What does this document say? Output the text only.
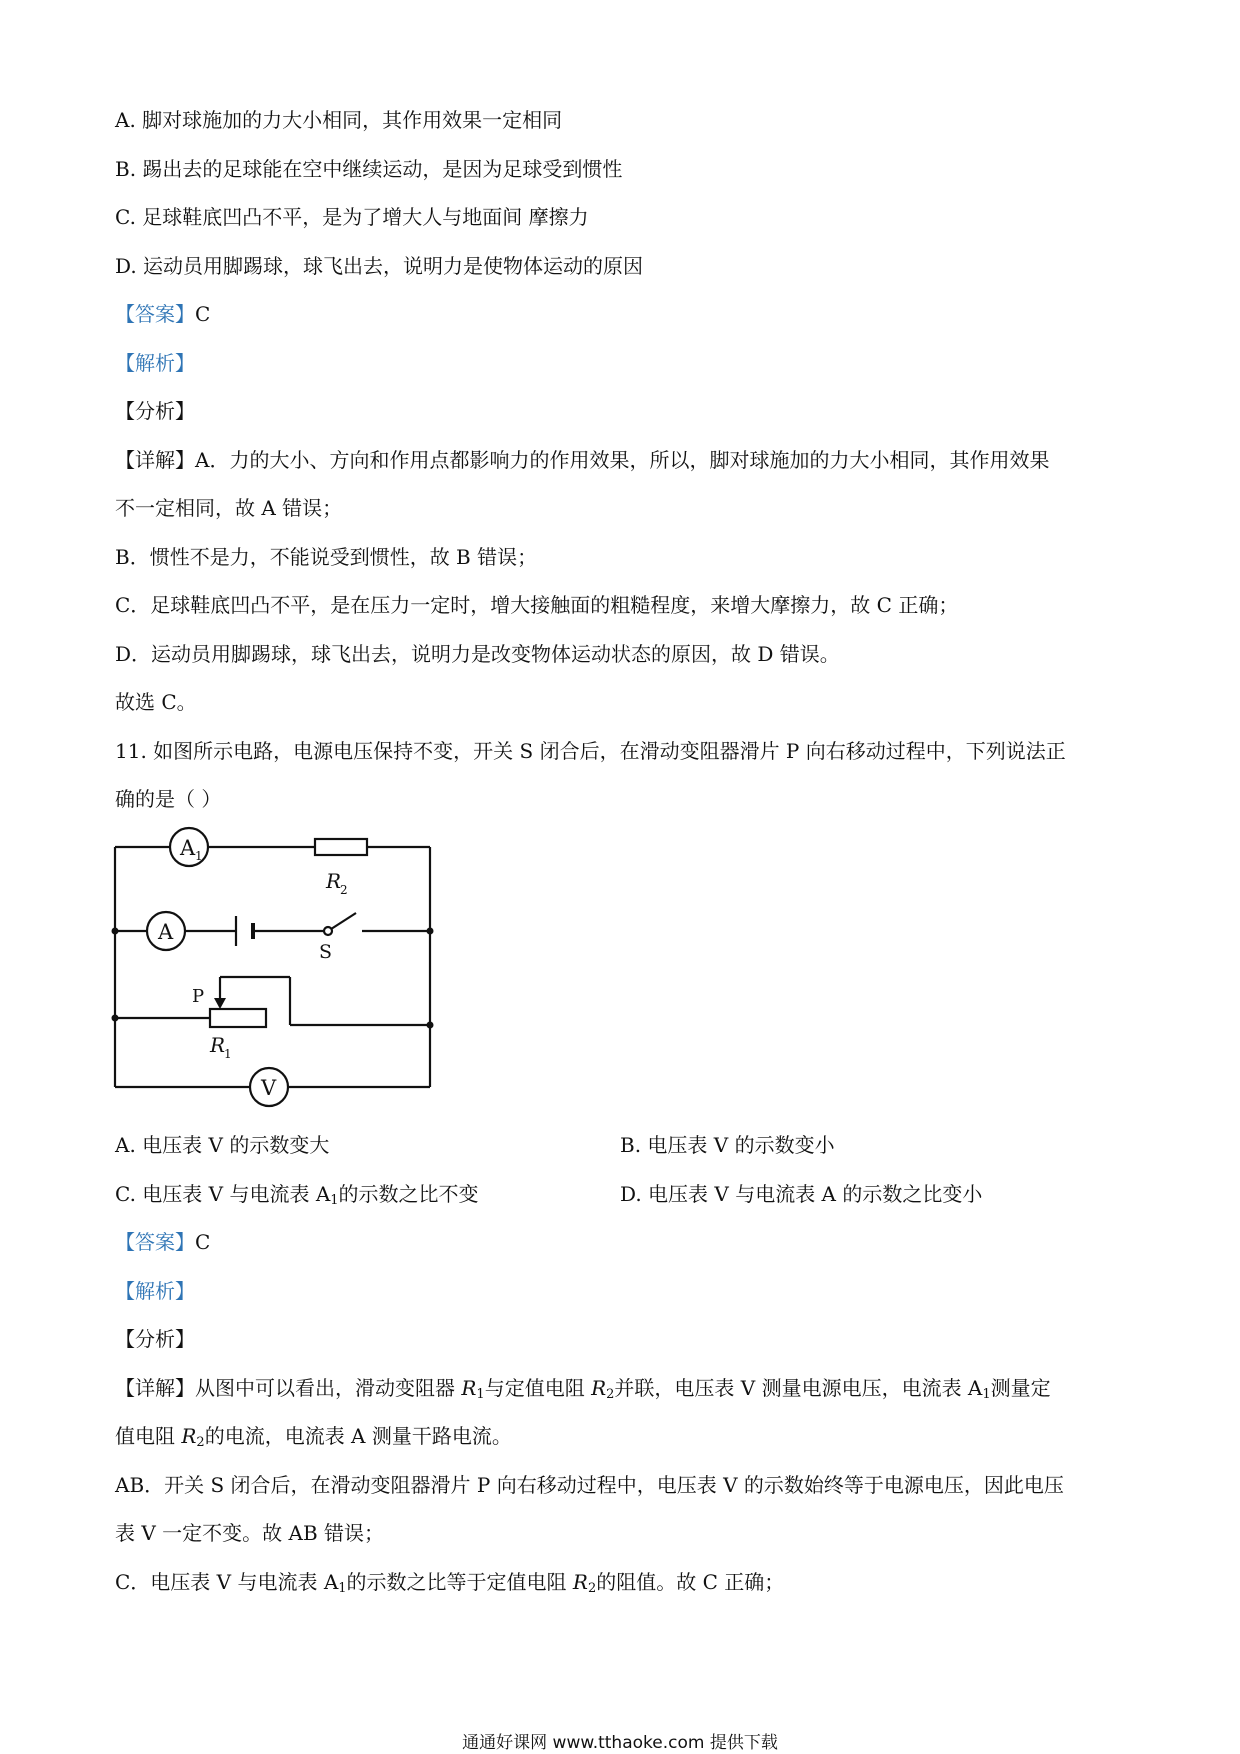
A. 脚对球施加的力大小相同，其作用效果一定相同
B. 踢出去的足球能在空中继续运动，是因为足球受到惯性
C. 足球鞋底凹凸不平，是为了增大人与地面间 摩擦力
D. 运动员用脚踢球，球飞出去，说明力是使物体运动的原因
【答案】C
【解析】
【分析】
【详解】A．力的大小、方向和作用点都影响力的作用效果，所以，脚对球施加的力大小相同，其作用效果
不一定相同，故 A 错误；
B．惯性不是力，不能说受到惯性，故 B 错误；
C．足球鞋底凹凸不平，是在压力一定时，增大接触面的粗糙程度，来增大摩擦力，故 C 正确；
D．运动员用脚踢球，球飞出去，说明力是改变物体运动状态的原因，故 D 错误。
故选 C。
11. 如图所示电路，电源电压保持不变，开关 S 闭合后，在滑动变阻器滑片 P 向右移动过程中，下列说法正
确的是（ ）
A 1
R
2
A
S
P
R
1
V
A. 电压表 V 的示数变大	B. 电压表 V 的示数变小
C. 电压表 V 与电流表 $A_1$的示数之比不变	D. 电压表 V 与电流表 A 的示数之比变小
【答案】C
【解析】
【分析】
【详解】从图中可以看出，滑动变阻器 $R_1$与定值电阻 $R_2$并联，电压表 V 测量电源电压，电流表 $A_1$测量定
值电阻 $R_2$的电流，电流表 A 测量干路电流。
AB．开关 S 闭合后，在滑动变阻器滑片 P 向右移动过程中，电压表 V 的示数始终等于电源电压，因此电压
表 V 一定不变。故 AB 错误；
C．电压表 V 与电流表 $A_1$的示数之比等于定值电阻 $R_2$的阻值。故 C 正确；
通通好课网 www.tthaoke.com 提供下载
